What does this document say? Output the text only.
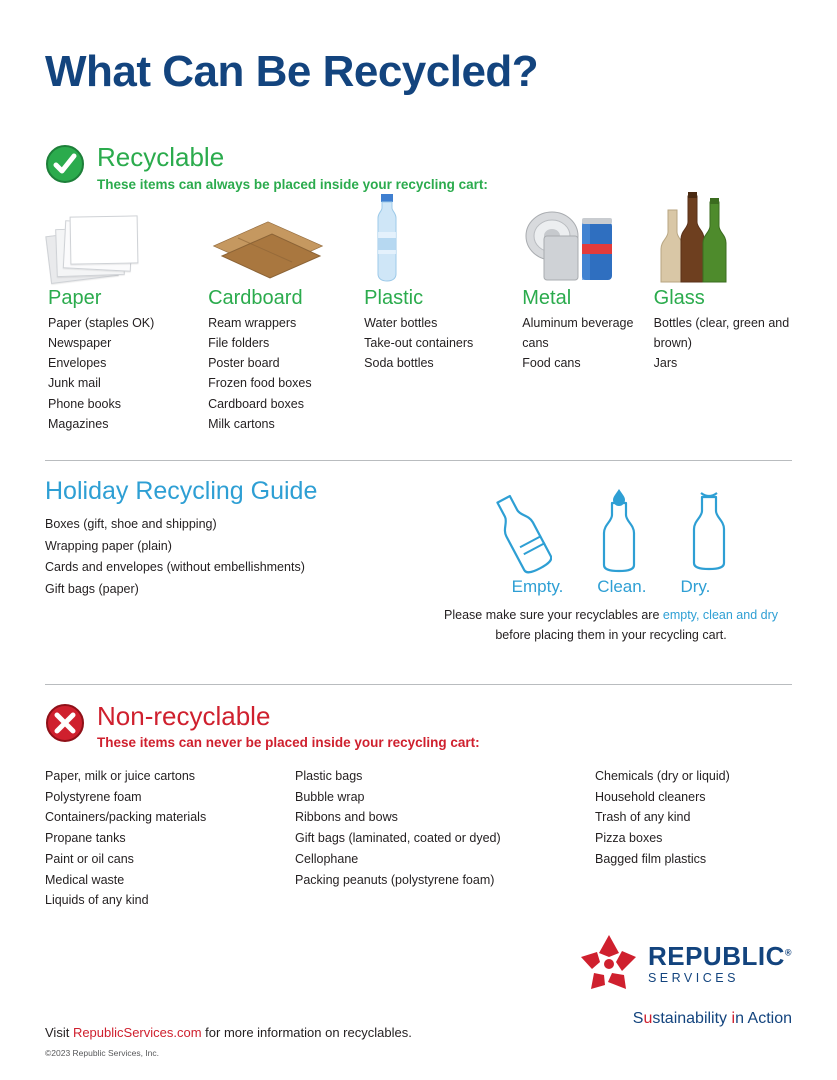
What Can Be Recycled?
Recyclable

These items can always be placed inside your recycling cart:

Paper
Paper (staples OK)
Newspaper
Envelopes
Junk mail
Phone books
Magazines
Cardboard
Ream wrappers
File folders
Poster board
Frozen food boxes
Cardboard boxes
Milk cartons
Plastic
Water bottles
Take-out containers
Soda bottles
Metal
Aluminum beverage cans
Food cans
Glass
Bottles (clear, green and brown)
Jars
Holiday Recycling Guide
Boxes (gift, shoe and shipping)
Wrapping paper (plain)
Cards and envelopes (without embellishments)
Gift bags (paper)	Empty. Clean. Dry.

Please make sure your recyclables are empty, clean and dry
before placing them in your recycling cart.

Non-recyclable

These items can never be placed inside your recycling cart:

Paper, milk or juice cartons
Polystyrene foam
Containers/packing materials
Propane tanks
Paint or oil cans
Medical waste
Liquids of any kind
Plastic bags
Bubble wrap
Ribbons and bows
Gift bags (laminated, coated or dyed)
Cellophane
Packing peanuts (polystyrene foam)
Chemicals (dry or liquid)
Household cleaners
Trash of any kind
Pizza boxes
Bagged film plastics

Visit RepublicServices.com for more information on recyclables.

©2023 Republic Services, Inc.

REPUBLIC®
SERVICES
Sustainability in Action
